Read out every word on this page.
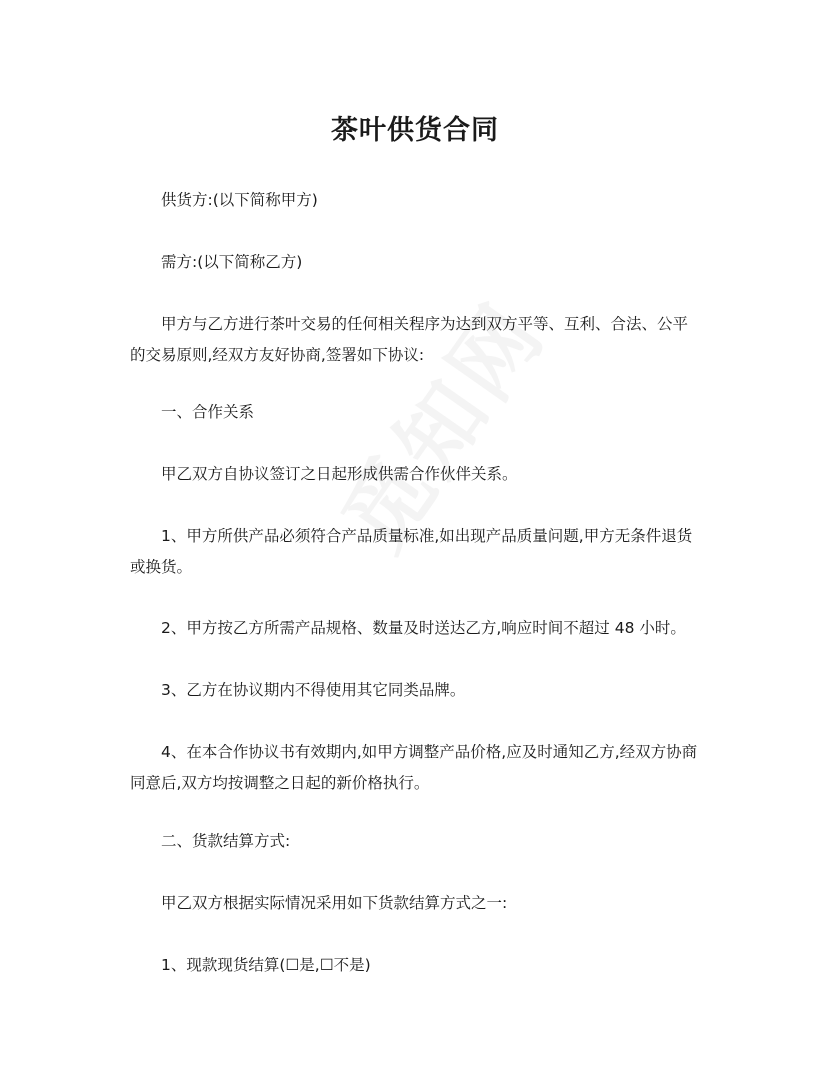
茶叶供货合同

供货方:(以下简称甲方)

需方:(以下简称乙方)

甲方与乙方进行茶叶交易的任何相关程序为达到双方平等、互利、合法、公平的交易原则,经双方友好协商,签署如下协议:

一、合作关系

甲乙双方自协议签订之日起形成供需合作伙伴关系。

1、甲方所供产品必须符合产品质量标准,如出现产品质量问题,甲方无条件退货或换货。

2、甲方按乙方所需产品规格、数量及时送达乙方,响应时间不超过 48 小时。

3、乙方在协议期内不得使用其它同类品牌。

4、在本合作协议书有效期内,如甲方调整产品价格,应及时通知乙方,经双方协商同意后,双方均按调整之日起的新价格执行。

二、货款结算方式:

甲乙双方根据实际情况采用如下货款结算方式之一:

1、现款现货结算(☐是,☐不是)
